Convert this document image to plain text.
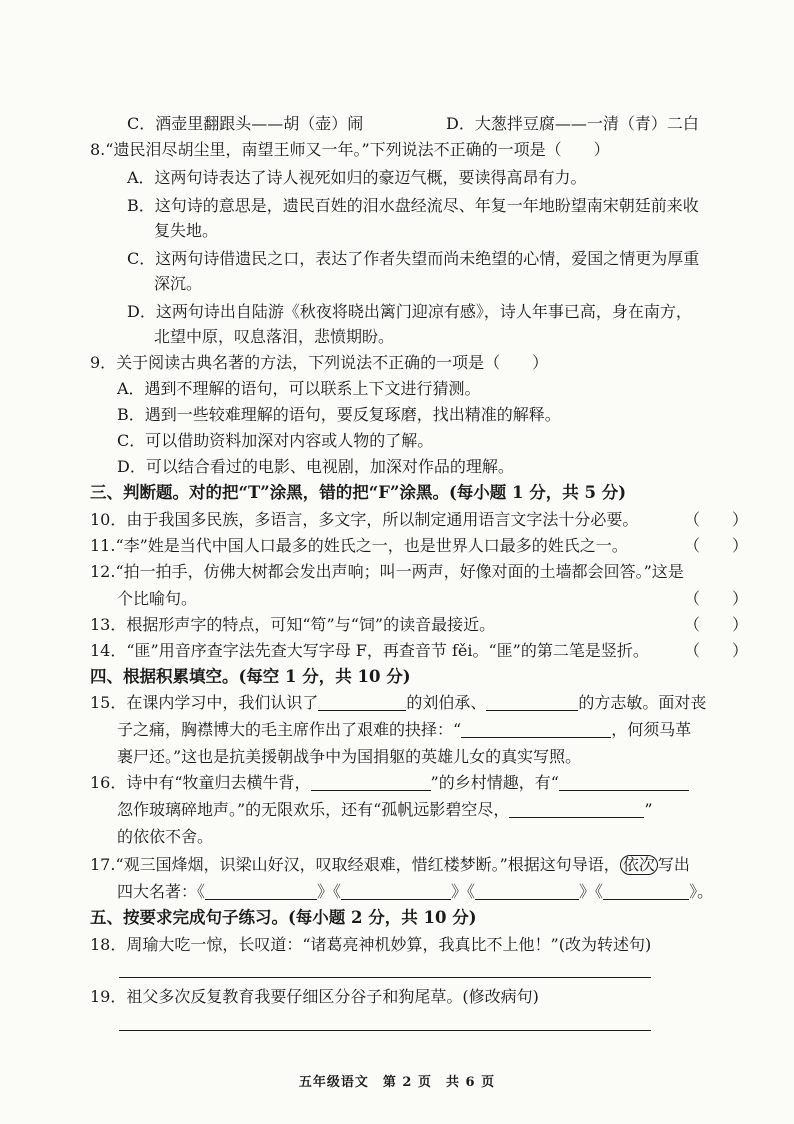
C．酒壶里翻跟头——胡（壶）闹	D．大葱拌豆腐——一清（青）二白
8.“遗民泪尽胡尘里，南望王师又一年。”下列说法不正确的一项是（　　）
A．这两句诗表达了诗人视死如归的豪迈气概，要读得高昂有力。
B．这句诗的意思是，遗民百姓的泪水盘经流尽、年复一年地盼望南宋朝廷前来收
复失地。
C．这两句诗借遗民之口，表达了作者失望而尚未绝望的心情，爱国之情更为厚重
深沉。
D．这两句诗出自陆游《秋夜将晓出篱门迎凉有感》，诗人年事已高，身在南方，
北望中原，叹息落泪，悲愤期盼。
9．关于阅读古典名著的方法，下列说法不正确的一项是（　　）
A．遇到不理解的语句，可以联系上下文进行猜测。
B．遇到一些较难理解的语句，要反复琢磨，找出精准的解释。
C．可以借助资料加深对内容或人物的了解。
D．可以结合看过的电影、电视剧，加深对作品的理解。
三、判断题。对的把“T”涂黑，错的把“F”涂黑。(每小题 1 分，共 5 分)
10．由于我国多民族，多语言，多文字，所以制定通用语言文字法十分必要。	（　　）
11.“李”姓是当代中国人口最多的姓氏之一，也是世界人口最多的姓氏之一。	（　　）
12.“拍一拍手，仿佛大树都会发出声响；叫一两声，好像对面的土墙都会回答。”这是
个比喻句。	（　　）
13．根据形声字的特点，可知“笱”与“饲”的读音最接近。	（　　）
14．“匪”用音序查字法先查大写字母 F，再查音节 fěi。“匪”的第二笔是竖折。 （　　）
四、根据积累填空。(每空 1 分，共 10 分)
15．在课内学习中，我们认识了	的刘伯承、	的方志敏。面对丧
子之痛，胸襟博大的毛主席作出了艰难的抉择：“	，何须马革
裹尸还。”这也是抗美援朝战争中为国捐躯的英雄儿女的真实写照。
16．诗中有“牧童归去横牛背，	”的乡村情趣，有“
忽作玻璃碎地声。”的无限欢乐，还有“孤帆远影碧空尽，	”
的依依不舍。
17.“观三国烽烟，识梁山好汉，叹取经艰难，惜红楼梦断。”根据这句导语， 依次 写出
四大名著：《	》《	》《	》《	》。
五、按要求完成句子练习。(每小题 2 分，共 10 分)
18．周瑜大吃一惊，长叹道：“诸葛亮神机妙算，我真比不上他！”(改为转述句)
19．祖父多次反复教育我要仔细区分谷子和狗尾草。(修改病句)
五年级语文　第 2 页　共 6 页
